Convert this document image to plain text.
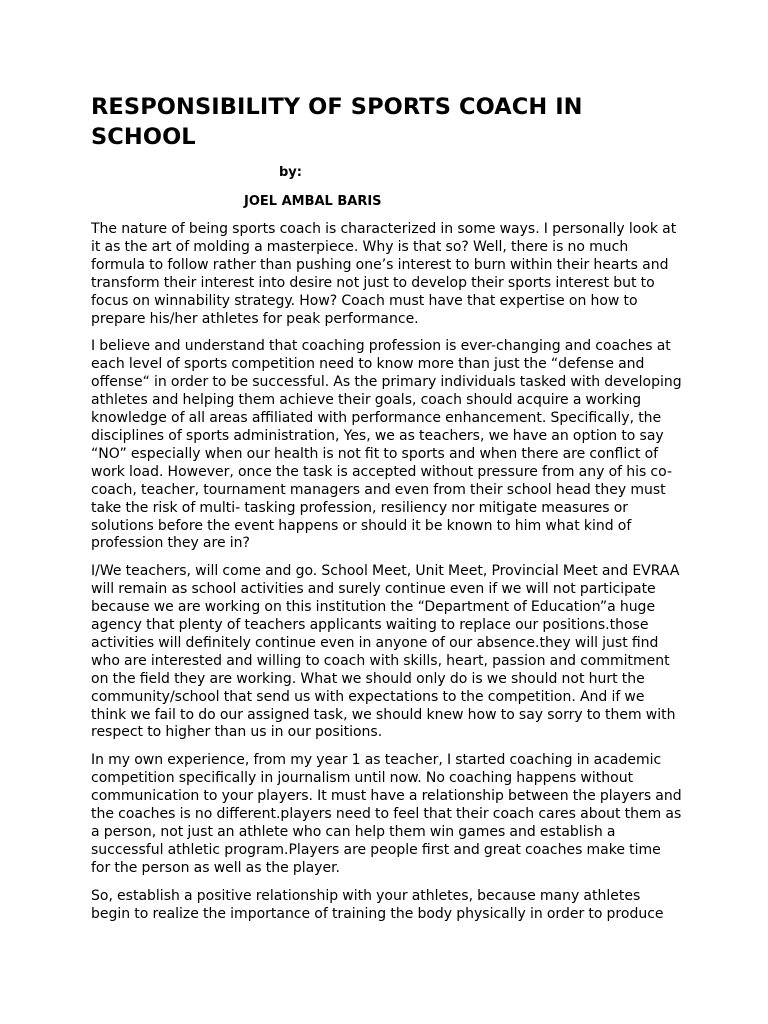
RESPONSIBILITY OF SPORTS COACH IN
SCHOOL
by:
JOEL AMBAL BARIS

The nature of being sports coach is characterized in some ways. I personally look at
it as the art of molding a masterpiece. Why is that so? Well, there is no much
formula to follow rather than pushing one’s interest to burn within their hearts and
transform their interest into desire not just to develop their sports interest but to
focus on winnability strategy. How? Coach must have that expertise on how to
prepare his/her athletes for peak performance.

I believe and understand that coaching profession is ever-changing and coaches at
each level of sports competition need to know more than just the “defense and
offense“ in order to be successful. As the primary individuals tasked with developing
athletes and helping them achieve their goals, coach should acquire a working
knowledge of all areas affiliated with performance enhancement. Specifically, the
disciplines of sports administration, Yes, we as teachers, we have an option to say
“NO” especially when our health is not fit to sports and when there are conflict of
work load. However, once the task is accepted without pressure from any of his co-
coach, teacher, tournament managers and even from their school head they must
take the risk of multi- tasking profession, resiliency nor mitigate measures or
solutions before the event happens or should it be known to him what kind of
profession they are in?

I/We teachers, will come and go. School Meet, Unit Meet, Provincial Meet and EVRAA
will remain as school activities and surely continue even if we will not participate
because we are working on this institution the “Department of Education”a huge
agency that plenty of teachers applicants waiting to replace our positions.those
activities will definitely continue even in anyone of our absence.they will just find
who are interested and willing to coach with skills, heart, passion and commitment
on the field they are working. What we should only do is we should not hurt the
community/school that send us with expectations to the competition. And if we
think we fail to do our assigned task, we should knew how to say sorry to them with
respect to higher than us in our positions.

In my own experience, from my year 1 as teacher, I started coaching in academic
competition specifically in journalism until now. No coaching happens without
communication to your players. It must have a relationship between the players and
the coaches is no different.players need to feel that their coach cares about them as
a person, not just an athlete who can help them win games and establish a
successful athletic program.Players are people first and great coaches make time
for the person as well as the player.

So, establish a positive relationship with your athletes, because many athletes
begin to realize the importance of training the body physically in order to produce
